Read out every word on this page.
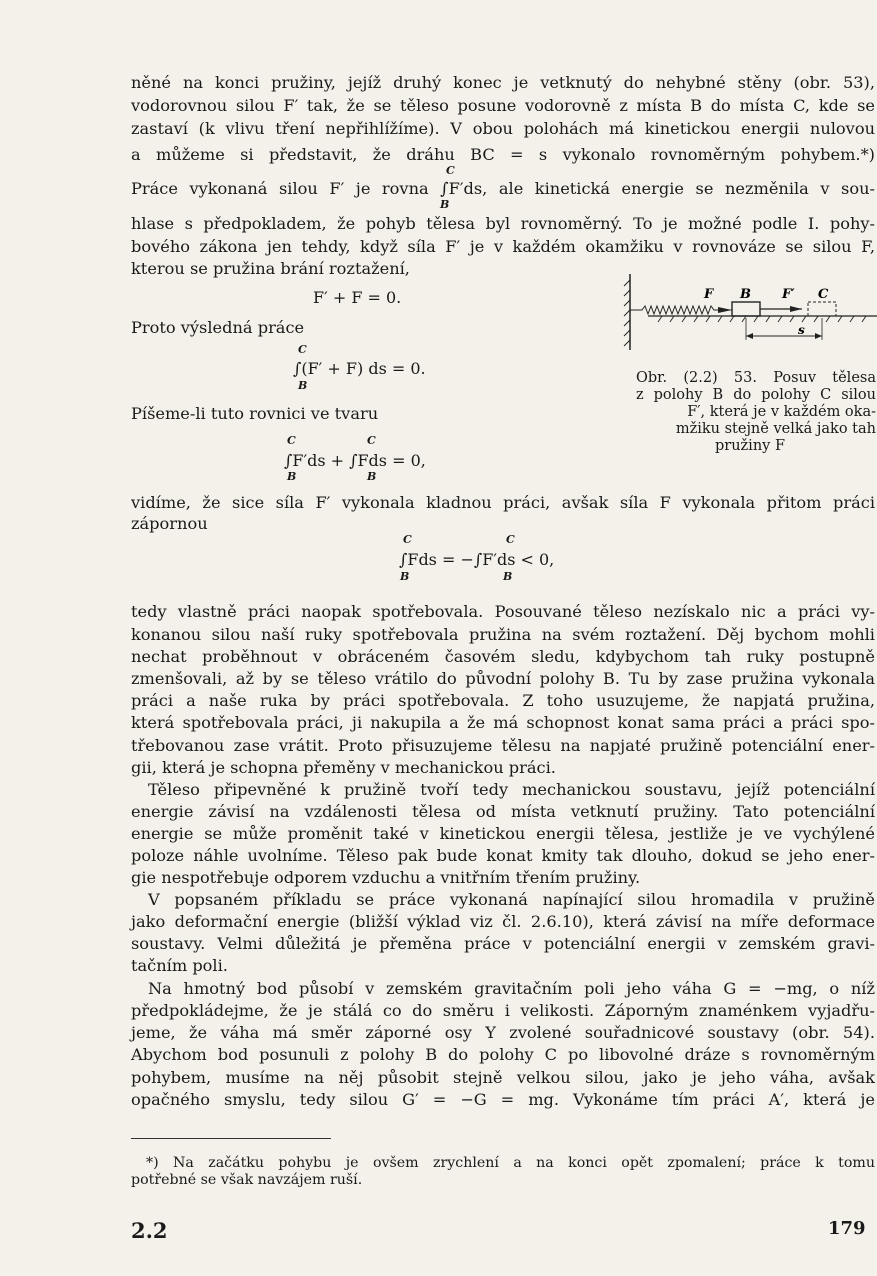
něné na konci pružiny, jejíž druhý konec je vetknutý do nehybné stěny (obr. 53),
vodorovnou silou F′ tak, že se těleso posune vodorovně z místa B do místa C, kde se
zastaví (k vlivu tření nepřihlížíme). V obou polohách má kinetickou energii nulovou
a můžeme si představit, že dráhu BC = s vykonalo rovnoměrným pohybem.*)
C
Práce vykonaná silou F′ je rovna ∫F′ds, ale kinetická energie se nezměnila v sou-
B
hlase s předpokladem, že pohyb tělesa byl rovnoměrný. To je možné podle I. pohy-
bového zákona jen tehdy, když síla F′ je v každém okamžiku v rovnováze se silou F,
kterou se pružina brání roztažení,
F′ + F = 0.
Proto výsledná práce
C
∫(F′ + F) ds = 0.
B
Píšeme-li tuto rovnici ve tvaru
C	C
∫F′ds + ∫Fds = 0,
B	B
vidíme, že sice síla F′ vykonala kladnou práci, avšak síla F vykonala přitom práci
zápornou
C	C
∫Fds = −∫F′ds < 0,
B	B
tedy vlastně práci naopak spotřebovala. Posouvané těleso nezískalo nic a práci vy-
konanou silou naší ruky spotřebovala pružina na svém roztažení. Děj bychom mohli
nechat proběhnout v obráceném časovém sledu, kdybychom tah ruky postupně
zmenšovali, až by se těleso vrátilo do původní polohy B. Tu by zase pružina vykonala
práci a naše ruka by práci spotřebovala. Z toho usuzujeme, že napjatá pružina,
která spotřebovala práci, ji nakupila a že má schopnost konat sama práci a práci spo-
třebovanou zase vrátit. Proto přisuzujeme tělesu na napjaté pružině potenciální ener-
gii, která je schopna přeměny v mechanickou práci.
Těleso připevněné k pružině tvoří tedy mechanickou soustavu, jejíž potenciální
energie závisí na vzdálenosti tělesa od místa vetknutí pružiny. Tato potenciální
energie se může proměnit také v kinetickou energii tělesa, jestliže je ve vychýlené
poloze náhle uvolníme. Těleso pak bude konat kmity tak dlouho, dokud se jeho ener-
gie nespotřebuje odporem vzduchu a vnitřním třením pružiny.
V popsaném příkladu se práce vykonaná napínající silou hromadila v pružině
jako deformační energie (bližší výklad viz čl. 2.6.10), která závisí na míře deformace
soustavy. Velmi důležitá je přeměna práce v potenciální energii v zemském gravi-
tačním poli.
Na hmotný bod působí v zemském gravitačním poli jeho váha G = −mg, o níž
předpokládejme, že je stálá co do směru i velikosti. Záporným znaménkem vyjadřu-
jeme, že váha má směr záporné osy Y zvolené souřadnicové soustavy (obr. 54).
Abychom bod posunuli z polohy B do polohy C po libovolné dráze s rovnoměrným
pohybem, musíme na něj působit stejně velkou silou, jako je jeho váha, avšak
opačného smyslu, tedy silou G′ = −G = mg. Vykonáme tím práci A′, která je
F B F′ C
s
Obr. (2.2) 53. Posuv tělesa
z polohy B do polohy C silou
F′, která je v každém oka-
mžiku stejně velká jako tah
pružiny F
*) Na začátku pohybu je ovšem zrychlení a na konci opět zpomalení; práce k tomu
potřebné se však navzájem ruší.
2.2	179
